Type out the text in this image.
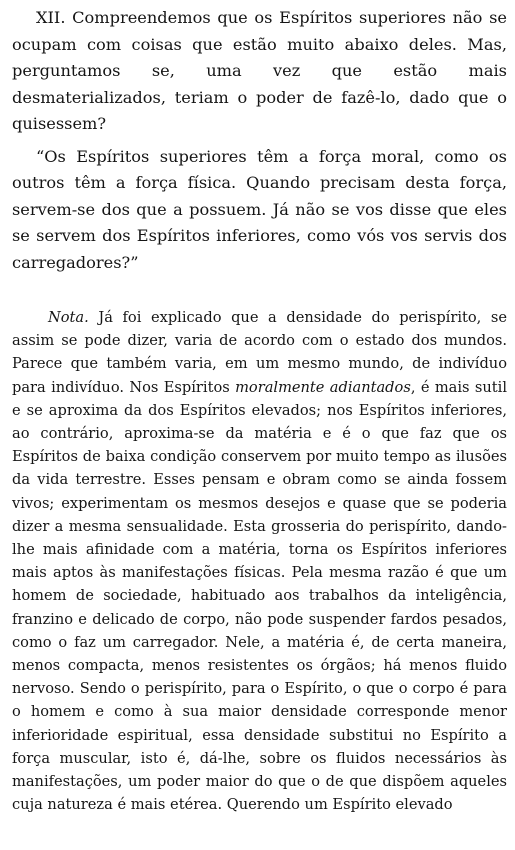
XII. Compreendemos que os Espíritos superiores não se ocupam com coisas que estão muito abaixo deles. Mas, perguntamos se, uma vez que estão mais desmaterializados, teriam o poder de fazê-lo, dado que o quisessem?

“Os Espíritos superiores têm a força moral, como os outros têm a força física. Quando precisam desta força, servem-se dos que a possuem. Já não se vos disse que eles se servem dos Espíritos inferiores, como vós vos servis dos carregadores?”

Nota. Já foi explicado que a densidade do perispírito, se assim se pode dizer, varia de acordo com o estado dos mundos. Parece que também varia, em um mesmo mundo, de indivíduo para indivíduo. Nos Espíritos moralmente adiantados, é mais sutil e se aproxima da dos Espíritos elevados; nos Espíritos inferiores, ao contrário, aproxima-se da matéria e é o que faz que os Espíritos de baixa condição conservem por muito tempo as ilusões da vida terrestre. Esses pensam e obram como se ainda fossem vivos; experimentam os mesmos desejos e quase que se poderia dizer a mesma sensualidade. Esta grosseria do perispírito, dando-lhe mais afinidade com a matéria, torna os Espíritos inferiores mais aptos às manifestações físicas. Pela mesma razão é que um homem de sociedade, habituado aos trabalhos da inteligência, franzino e delicado de corpo, não pode suspender fardos pesados, como o faz um carregador. Nele, a matéria é, de certa maneira, menos compacta, menos resistentes os órgãos; há menos fluido nervoso. Sendo o perispírito, para o Espírito, o que o corpo é para o homem e como à sua maior densidade corresponde menor inferioridade espiritual, essa densidade substitui no Espírito a força muscular, isto é, dá-lhe, sobre os fluidos necessários às manifestações, um poder maior do que o de que dispõem aqueles cuja natureza é mais etérea. Querendo um Espírito elevado
